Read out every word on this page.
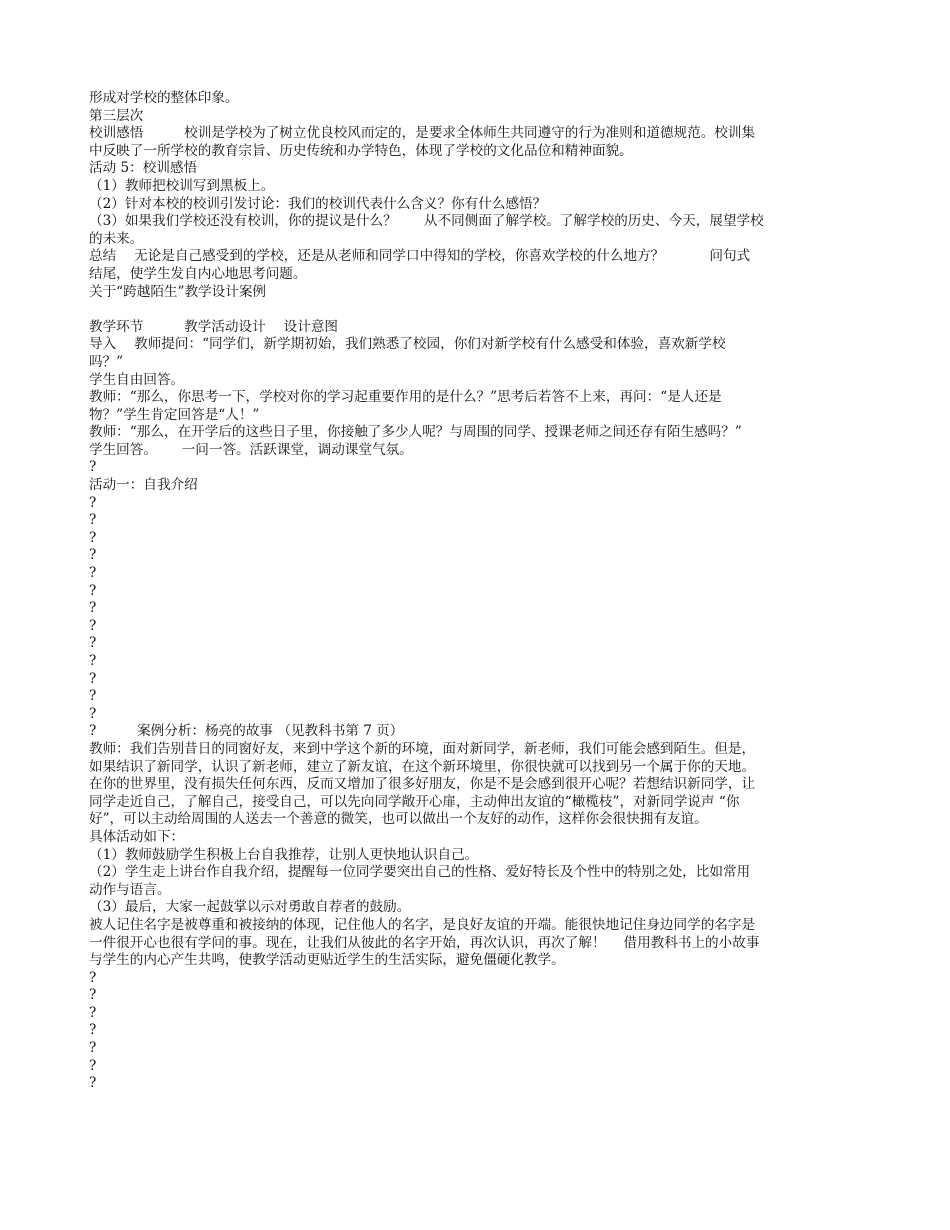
形成对学校的整体印象。
第三层次
校训感悟　　　校训是学校为了树立优良校风而定的，是要求全体师生共同遵守的行为准则和道德规范。校训集
中反映了一所学校的教育宗旨、历史传统和办学特色，体现了学校的文化品位和精神面貌。
活动 5：校训感悟
（1）教师把校训写到黑板上。
（2）针对本校的校训引发讨论：我们的校训代表什么含义？你有什么感悟？
（3）如果我们学校还没有校训，你的提议是什么？　　从不同侧面了解学校。了解学校的历史、今天，展望学校
的未来。
总结　 无论是自己感受到的学校，还是从老师和同学口中得知的学校，你喜欢学校的什么地方？　　　 问句式
结尾，使学生发自内心地思考问题。
关于“跨越陌生”教学设计案例
教学环节　　　教学活动设计　 设计意图
导入　 教师提问：“同学们，新学期初始，我们熟悉了校园，你们对新学校有什么感受和体验，喜欢新学校
吗？”
学生自由回答。
教师：“那么，你思考一下，学校对你的学习起重要作用的是什么？”思考后若答不上来，再问：“是人还是
物？”学生肯定回答是“人！”
教师：“那么，在开学后的这些日子里，你接触了多少人呢？与周围的同学、授课老师之间还存有陌生感吗？”
学生回答。　　 一问一答。活跃课堂，调动课堂气氛。
?
活动一：自我介绍
?
?
?
?
?
?
?
?
?
?
?
?
?
?　　　案例分析：杨亮的故事 （见教科书第 7 页）
教师：我们告别昔日的同窗好友，来到中学这个新的环境，面对新同学，新老师，我们可能会感到陌生。但是，
如果结识了新同学，认识了新老师，建立了新友谊，在这个新环境里，你很快就可以找到另一个属于你的天地。
在你的世界里，没有损失任何东西，反而又增加了很多好朋友，你是不是会感到很开心呢？若想结识新同学，让
同学走近自己，了解自己，接受自己，可以先向同学敞开心扉，主动伸出友谊的“橄榄枝”，对新同学说声 “你
好”，可以主动给周围的人送去一个善意的微笑，也可以做出一个友好的动作，这样你会很快拥有友谊。
具体活动如下：
（1）教师鼓励学生积极上台自我推荐，让别人更快地认识自己。
（2）学生走上讲台作自我介绍，提醒每一位同学要突出自己的性格、爱好特长及个性中的特别之处，比如常用
动作与语言。
（3）最后，大家一起鼓掌以示对勇敢自荐者的鼓励。
被人记住名字是被尊重和被接纳的体现，记住他人的名字，是良好友谊的开端。能很快地记住身边同学的名字是
一件很开心也很有学问的事。现在，让我们从彼此的名字开始，再次认识，再次了解！　 借用教科书上的小故事
与学生的内心产生共鸣，使教学活动更贴近学生的生活实际，避免僵硬化教学。
?
?
?
?
?
?
?
